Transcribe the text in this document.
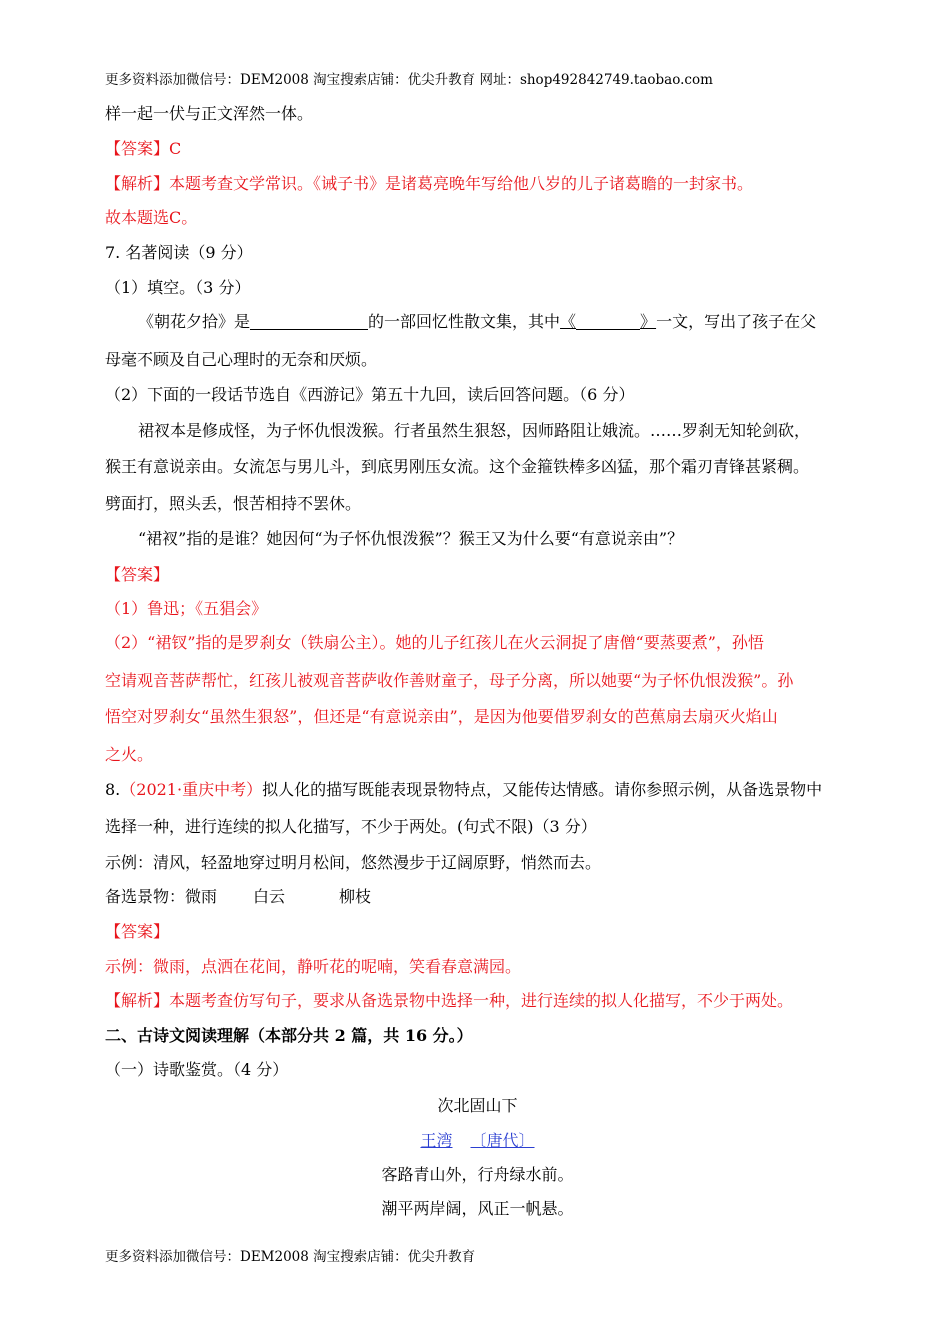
更多资料添加微信号：DEM2008 淘宝搜索店铺：优尖升教育 网址：shop492842749.taobao.com
样一起一伏与正文浑然一体。
【答案】C
【解析】本题考查文学常识。《诫子书》是诸葛亮晚年写给他八岁的儿子诸葛瞻的一封家书。
故本题选C。
7. 名著阅读（9 分）
（1）填空。（3 分）
《朝花夕拾》是	的一部回忆性散文集，其中《	》一文，写出了孩子在父
母毫不顾及自己心理时的无奈和厌烦。
（2）下面的一段话节选自《西游记》第五十九回，读后回答问题。（6 分）
裙衩本是修成怪，为子怀仇恨泼猴。行者虽然生狠怒，因师路阻让娥流。……罗刹无知轮剑砍，
猴王有意说亲由。女流怎与男儿斗，到底男刚压女流。这个金箍铁棒多凶猛，那个霜刃青锋甚紧稠。
劈面打，照头丢，恨苦相持不罢休。
“裙衩”指的是谁？她因何“为子怀仇恨泼猴”？猴王又为什么要“有意说亲由”？
【答案】
（1）鲁迅；《五猖会》
（2）“裙钗”指的是罗刹女（铁扇公主）。她的儿子红孩儿在火云洞捉了唐僧“要蒸要煮”，孙悟
空请观音菩萨帮忙，红孩儿被观音菩萨收作善财童子，母子分离，所以她要“为子怀仇恨泼猴”。孙
悟空对罗刹女“虽然生狠怒”，但还是“有意说亲由”，是因为他要借罗刹女的芭蕉扇去扇灭火焰山
之火。
8.（2021·重庆中考）拟人化的描写既能表现景物特点，又能传达情感。请你参照示例，从备选景物中
选择一种，进行连续的拟人化描写，不少于两处。(句式不限)（3 分）
示例：清风，轻盈地穿过明月松间，悠然漫步于辽阔原野，悄然而去。
备选景物：微雨 白云	柳枝
【答案】
示例：微雨，点洒在花间，静听花的呢喃，笑看春意满园。
【解析】本题考查仿写句子，要求从备选景物中选择一种，进行连续的拟人化描写，不少于两处。
二、古诗文阅读理解（本部分共 2 篇，共 16 分。）
（一）诗歌鉴赏。（4 分）
次北固山下
王湾 〔唐代〕
客路青山外，行舟绿水前。
潮平两岸阔，风正一帆悬。
更多资料添加微信号：DEM2008 淘宝搜索店铺：优尖升教育
